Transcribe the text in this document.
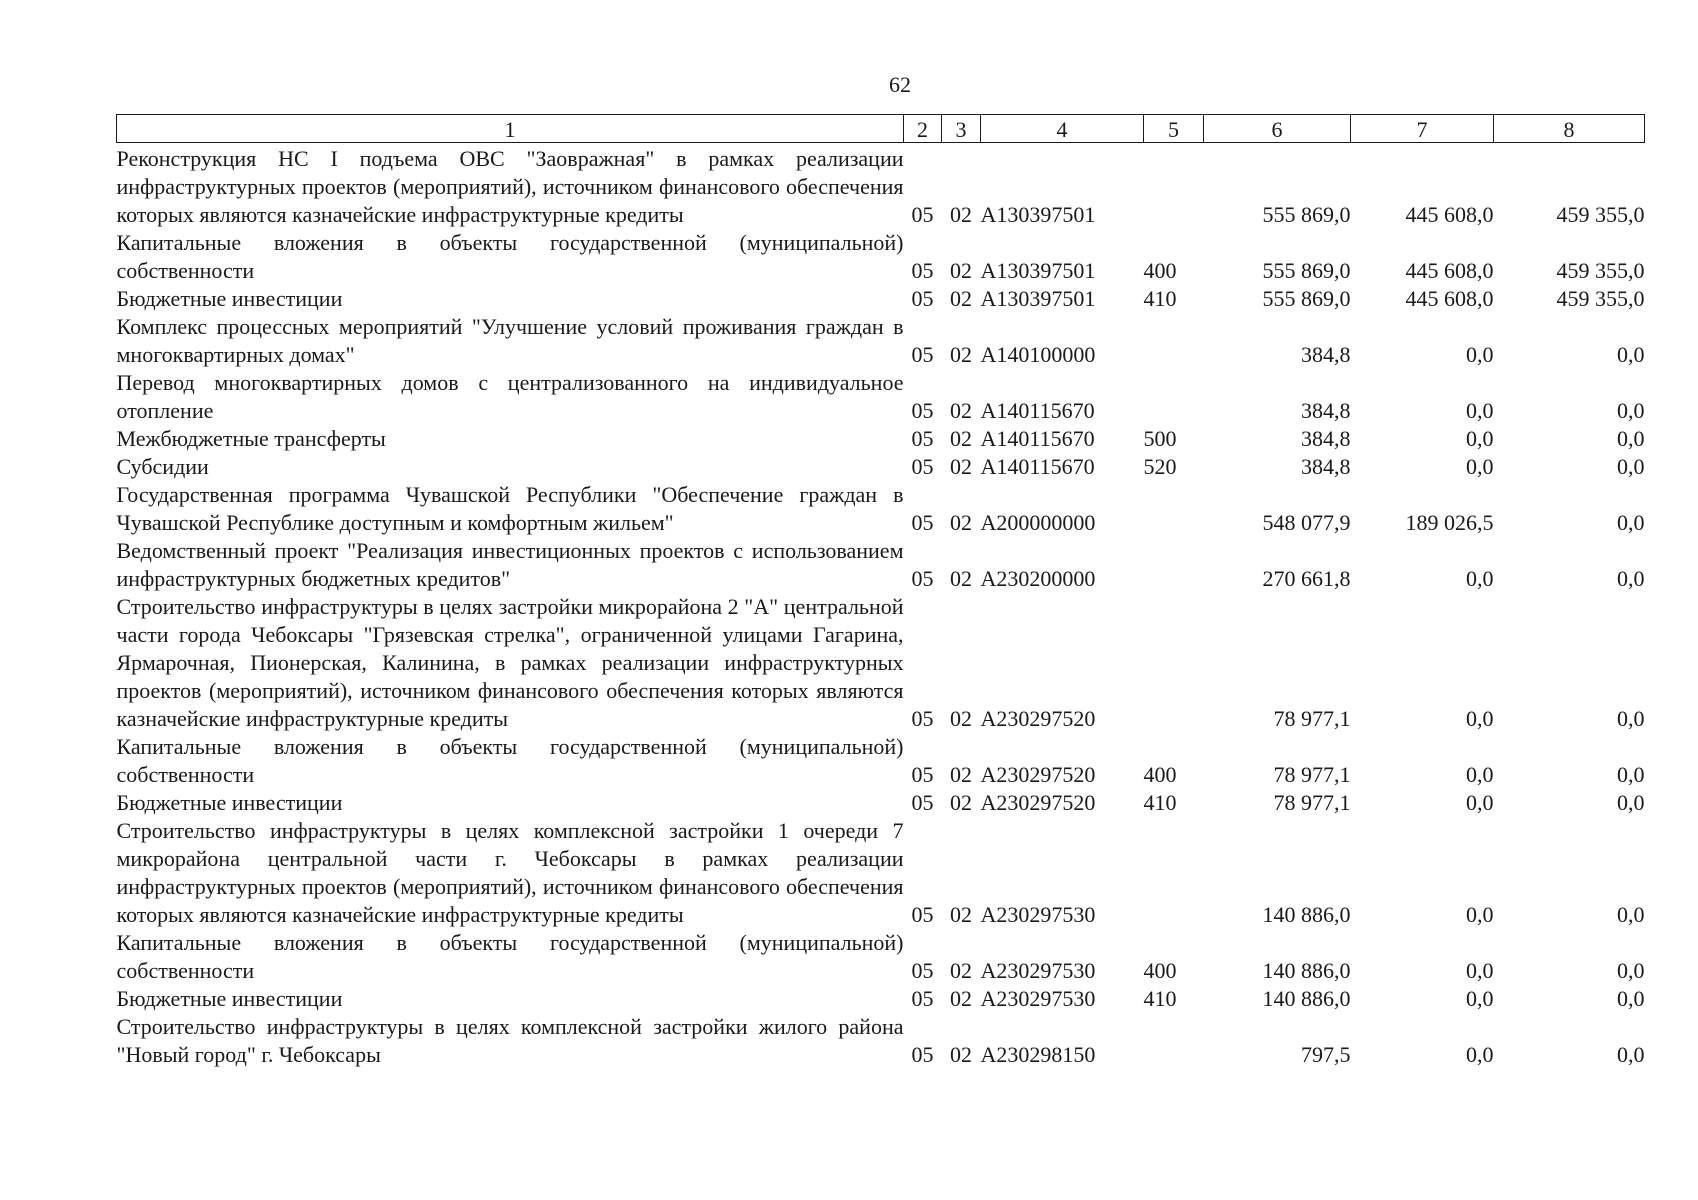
62
1	2	3	4	5	6	7	8
Реконструкция НС I подъема ОВС "Заовражная" в рамках реализации инфраструктурных проектов (мероприятий), источником финансового обеспечения которых являются казначейские инфраструктурные кредиты	05	02	А130397501		555 869,0	445 608,0	459 355,0
Капитальные вложения в объекты государственной (муниципальной) собственности	05	02	А130397501	400	555 869,0	445 608,0	459 355,0
Бюджетные инвестиции	05	02	А130397501	410	555 869,0	445 608,0	459 355,0
Комплекс процессных мероприятий "Улучшение условий проживания граждан в многоквартирных домах"	05	02	А140100000		384,8	0,0	0,0
Перевод многоквартирных домов с централизованного на индивидуальное отопление	05	02	А140115670		384,8	0,0	0,0
Межбюджетные трансферты	05	02	А140115670	500	384,8	0,0	0,0
Субсидии	05	02	А140115670	520	384,8	0,0	0,0
Государственная программа Чувашской Республики "Обеспечение граждан в Чувашской Республике доступным и комфортным жильем"	05	02	А200000000		548 077,9	189 026,5	0,0
Ведомственный проект "Реализация инвестиционных проектов с использованием инфраструктурных бюджетных кредитов"	05	02	А230200000		270 661,8	0,0	0,0
Строительство инфраструктуры в целях застройки микрорайона 2 "А" центральной части города Чебоксары "Грязевская стрелка", ограниченной улицами Гагарина, Ярмарочная, Пионерская, Калинина, в рамках реализации инфраструктурных проектов (мероприятий), источником финансового обеспечения которых являются казначейские инфраструктурные кредиты	05	02	А230297520		78 977,1	0,0	0,0
Капитальные вложения в объекты государственной (муниципальной) собственности	05	02	А230297520	400	78 977,1	0,0	0,0
Бюджетные инвестиции	05	02	А230297520	410	78 977,1	0,0	0,0
Строительство инфраструктуры в целях комплексной застройки 1 очереди 7 микрорайона центральной части г. Чебоксары в рамках реализации инфраструктурных проектов (мероприятий), источником финансового обеспечения которых являются казначейские инфраструктурные кредиты	05	02	А230297530		140 886,0	0,0	0,0
Капитальные вложения в объекты государственной (муниципальной) собственности	05	02	А230297530	400	140 886,0	0,0	0,0
Бюджетные инвестиции	05	02	А230297530	410	140 886,0	0,0	0,0
Строительство инфраструктуры в целях комплексной застройки жилого района "Новый город" г. Чебоксары	05	02	А230298150		797,5	0,0	0,0
